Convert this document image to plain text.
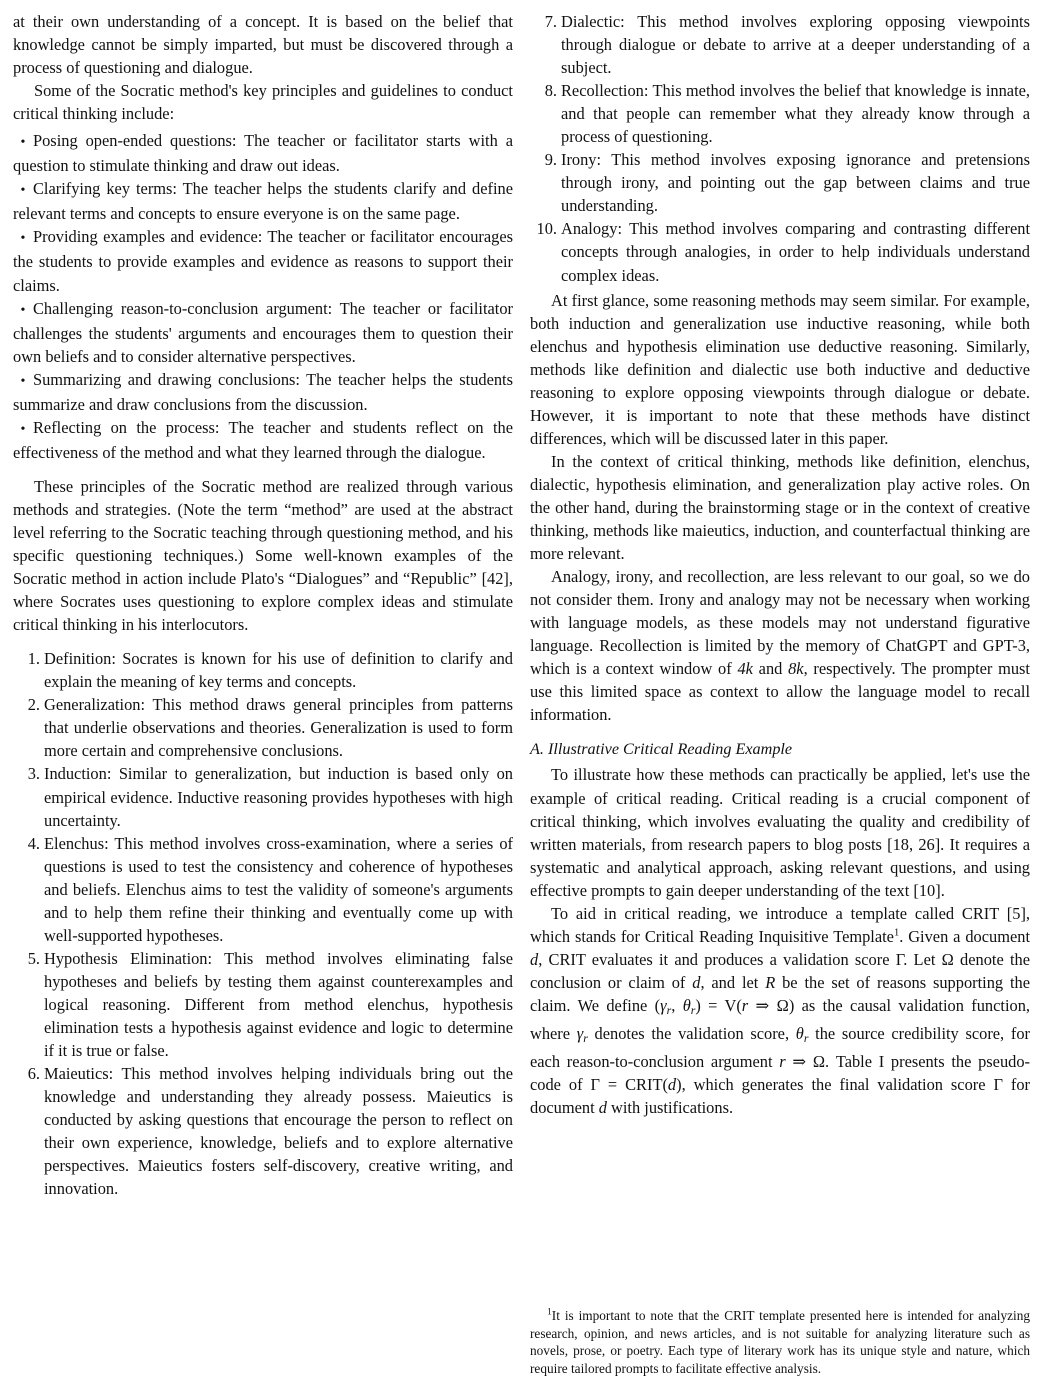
at their own understanding of a concept. It is based on the belief that knowledge cannot be simply imparted, but must be discovered through a process of questioning and dialogue.

Some of the Socratic method's key principles and guidelines to conduct critical thinking include:

• Posing open-ended questions: The teacher or facilitator starts with a question to stimulate thinking and draw out ideas.
• Clarifying key terms: The teacher helps the students clarify and define relevant terms and concepts to ensure everyone is on the same page.
• Providing examples and evidence: The teacher or facilitator encourages the students to provide examples and evidence as reasons to support their claims.
• Challenging reason-to-conclusion argument: The teacher or facilitator challenges the students' arguments and encourages them to question their own beliefs and to consider alternative perspectives.
• Summarizing and drawing conclusions: The teacher helps the students summarize and draw conclusions from the discussion.
• Reflecting on the process: The teacher and students reflect on the effectiveness of the method and what they learned through the dialogue.

These principles of the Socratic method are realized through various methods and strategies. (Note the term “method” are used at the abstract level referring to the Socratic teaching through questioning method, and his specific questioning techniques.) Some well-known examples of the Socratic method in action include Plato's “Dialogues” and “Republic” [42], where Socrates uses questioning to explore complex ideas and stimulate critical thinking in his interlocutors.

1. Definition: Socrates is known for his use of definition to clarify and explain the meaning of key terms and concepts.
2. Generalization: This method draws general principles from patterns that underlie observations and theories. Generalization is used to form more certain and comprehensive conclusions.
3. Induction: Similar to generalization, but induction is based only on empirical evidence. Inductive reasoning provides hypotheses with high uncertainty.
4. Elenchus: This method involves cross-examination, where a series of questions is used to test the consistency and coherence of hypotheses and beliefs. Elenchus aims to test the validity of someone's arguments and to help them refine their thinking and eventually come up with well-supported hypotheses.
5. Hypothesis Elimination: This method involves eliminating false hypotheses and beliefs by testing them against counterexamples and logical reasoning. Different from method elenchus, hypothesis elimination tests a hypothesis against evidence and logic to determine if it is true or false.
6. Maieutics: This method involves helping individuals bring out the knowledge and understanding they already possess. Maieutics is conducted by asking questions that encourage the person to reflect on their own experience, knowledge, beliefs and to explore alternative perspectives. Maieutics fosters self-discovery, creative writing, and innovation.
7. Dialectic: This method involves exploring opposing viewpoints through dialogue or debate to arrive at a deeper understanding of a subject.
8. Recollection: This method involves the belief that knowledge is innate, and that people can remember what they already know through a process of questioning.
9. Irony: This method involves exposing ignorance and pretensions through irony, and pointing out the gap between claims and true understanding.
10. Analogy: This method involves comparing and contrasting different concepts through analogies, in order to help individuals understand complex ideas.

At first glance, some reasoning methods may seem similar. For example, both induction and generalization use inductive reasoning, while both elenchus and hypothesis elimination use deductive reasoning. Similarly, methods like definition and dialectic use both inductive and deductive reasoning to explore opposing viewpoints through dialogue or debate. However, it is important to note that these methods have distinct differences, which will be discussed later in this paper.

In the context of critical thinking, methods like definition, elenchus, dialectic, hypothesis elimination, and generalization play active roles. On the other hand, during the brainstorming stage or in the context of creative thinking, methods like maieutics, induction, and counterfactual thinking are more relevant.

Analogy, irony, and recollection, are less relevant to our goal, so we do not consider them. Irony and analogy may not be necessary when working with language models, as these models may not understand figurative language. Recollection is limited by the memory of ChatGPT and GPT-3, which is a context window of 4k and 8k, respectively. The prompter must use this limited space as context to allow the language model to recall information.

A. Illustrative Critical Reading Example

To illustrate how these methods can practically be applied, let's use the example of critical reading. Critical reading is a crucial component of critical thinking, which involves evaluating the quality and credibility of written materials, from research papers to blog posts [18, 26]. It requires a systematic and analytical approach, asking relevant questions, and using effective prompts to gain deeper understanding of the text [10].

To aid in critical reading, we introduce a template called CRIT [5], which stands for Critical Reading Inquisitive Template$^1$. Given a document d, CRIT evaluates it and produces a validation score Γ. Let Ω denote the conclusion or claim of d, and let R be the set of reasons supporting the claim. We define (γr, θr) = V(r ⇒ Ω) as the causal validation function, where γr denotes the validation score, θr the source credibility score, for each reason-to-conclusion argument r ⇒ Ω. Table I presents the pseudo-code of Γ = CRIT(d), which generates the final validation score Γ for document d with justifications.

$^1$It is important to note that the CRIT template presented here is intended for analyzing research, opinion, and news articles, and is not suitable for analyzing literature such as novels, prose, or poetry. Each type of literary work has its unique style and nature, which require tailored prompts to facilitate effective analysis.
